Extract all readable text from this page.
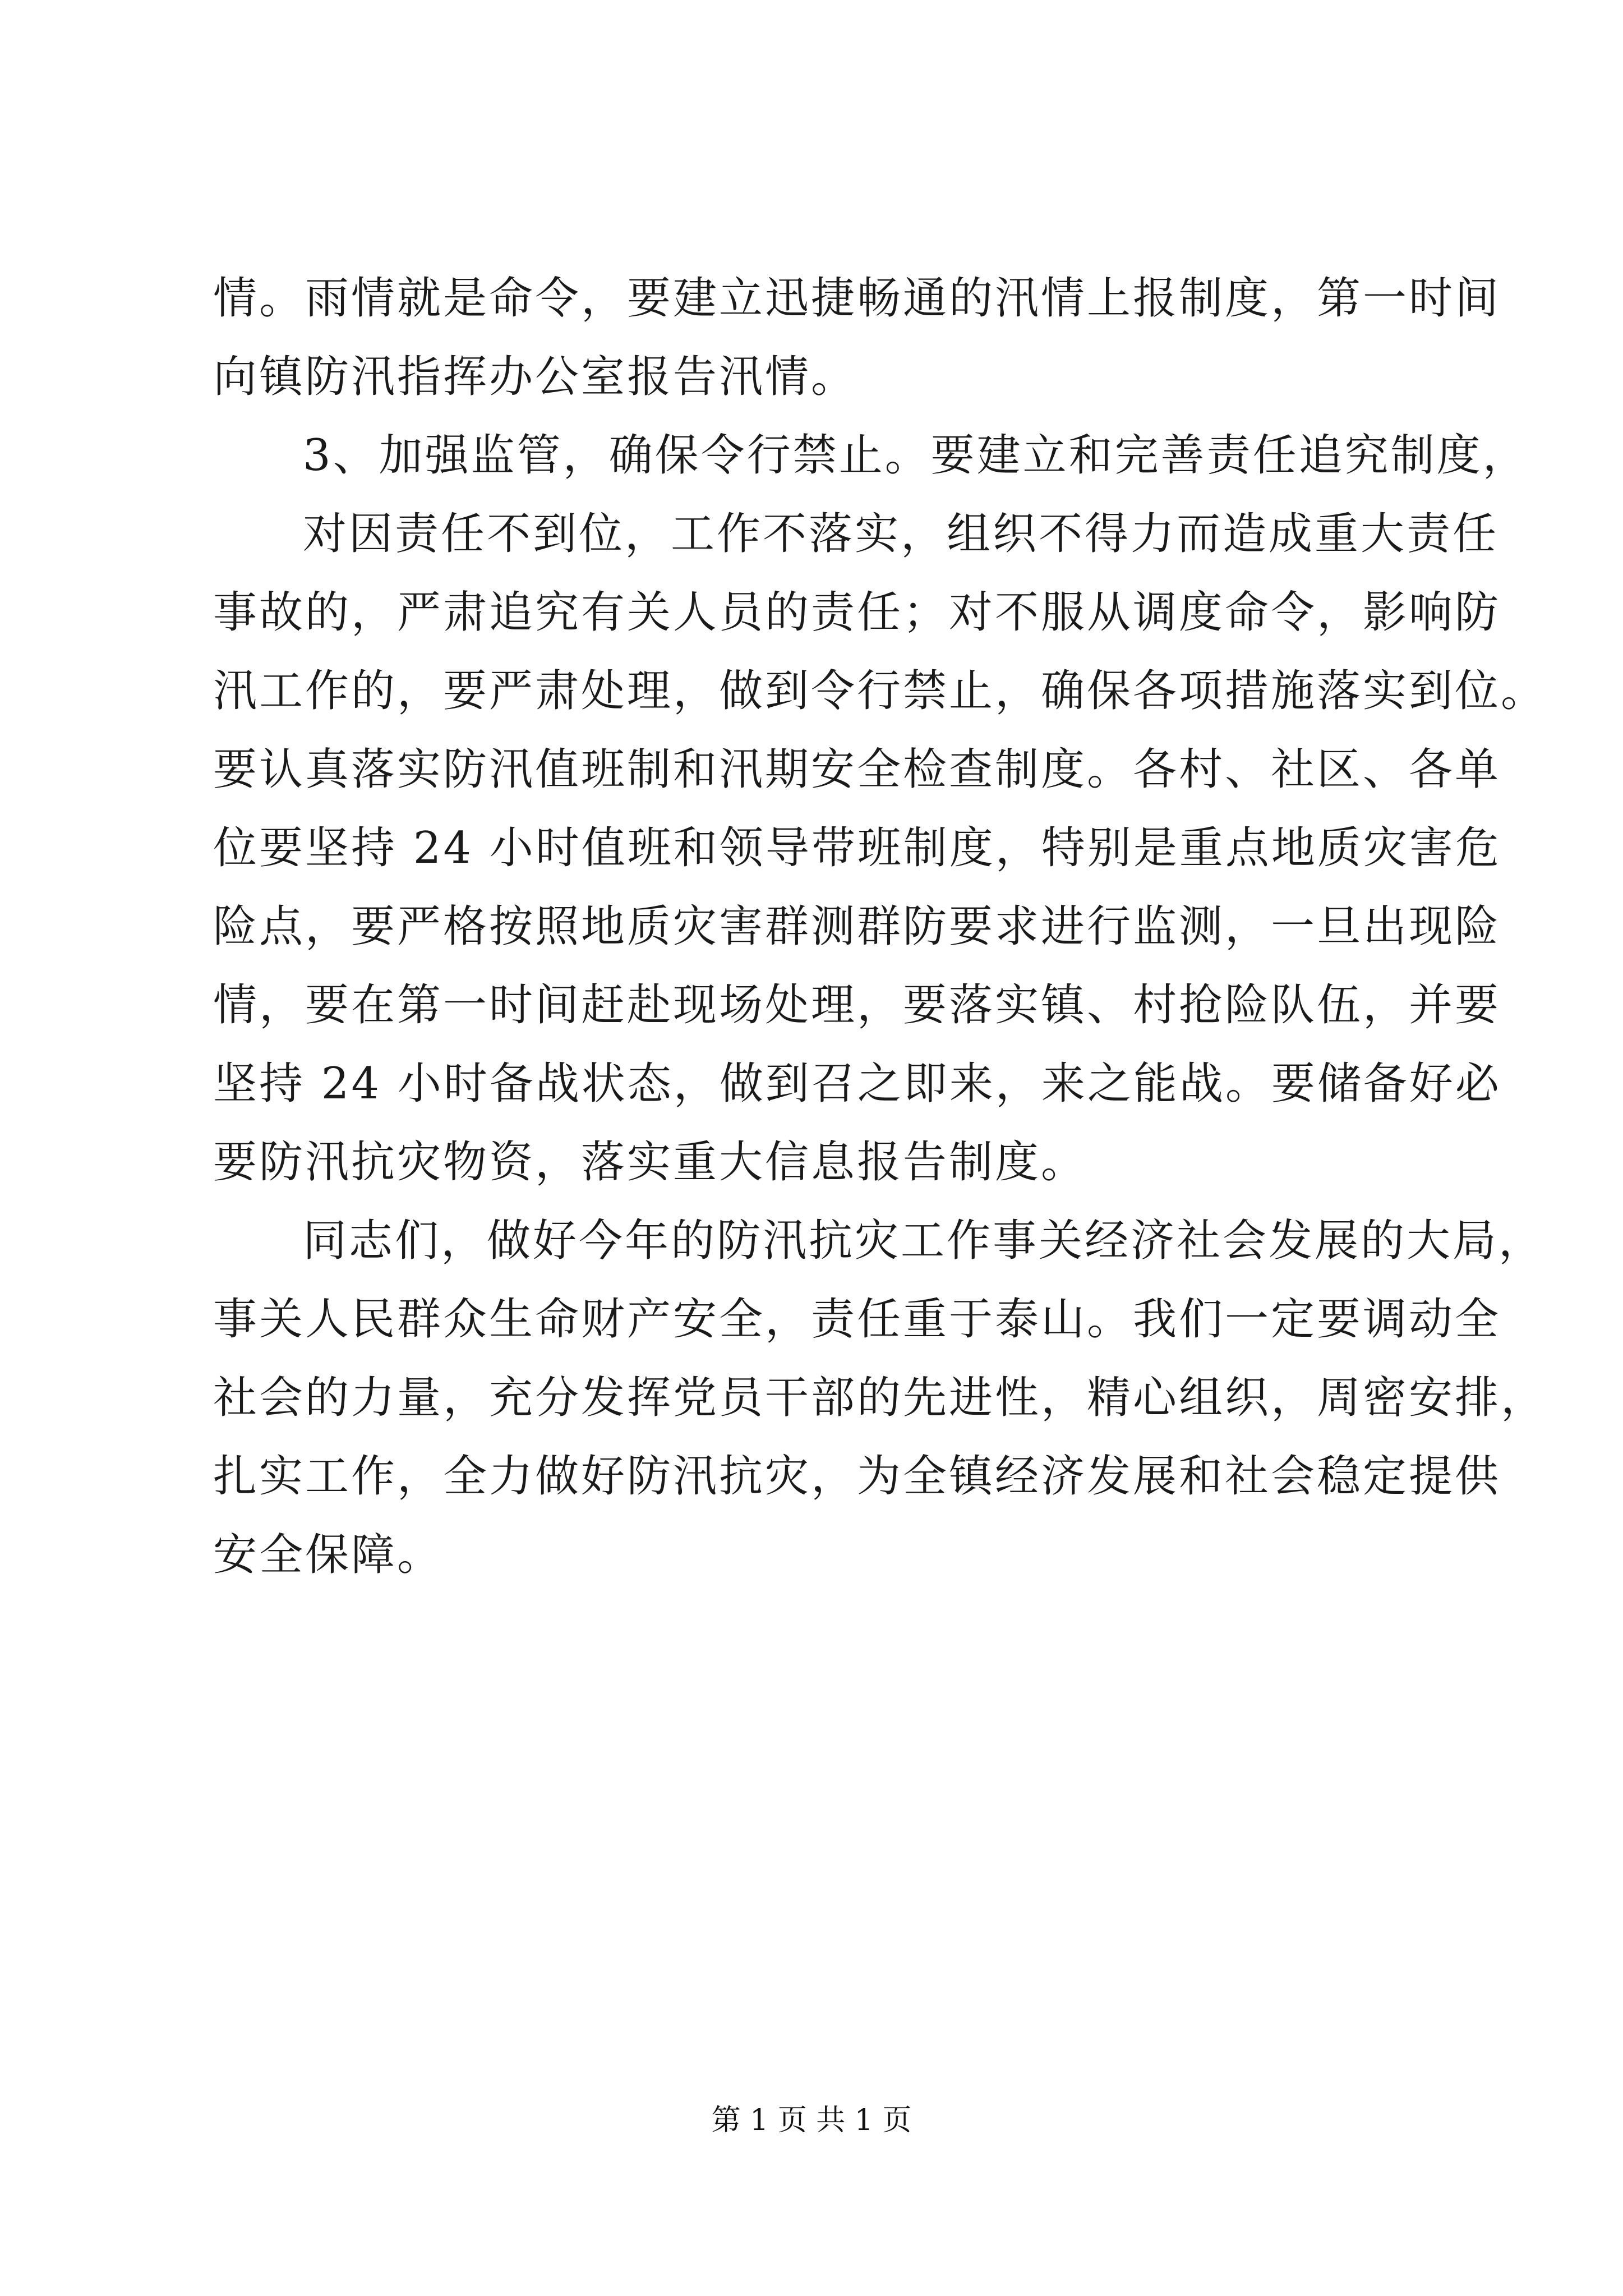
情。雨情就是命令，要建立迅捷畅通的汛情上报制度，第一时间
向镇防汛指挥办公室报告汛情。
3、加强监管，确保令行禁止。要建立和完善责任追究制度，
对因责任不到位，工作不落实，组织不得力而造成重大责任
事故的，严肃追究有关人员的责任；对不服从调度命令，影响防
汛工作的，要严肃处理，做到令行禁止，确保各项措施落实到位。
要认真落实防汛值班制和汛期安全检查制度。各村、社区、各单
位要坚持 24 小时值班和领导带班制度，特别是重点地质灾害危
险点，要严格按照地质灾害群测群防要求进行监测，一旦出现险
情，要在第一时间赶赴现场处理，要落实镇、村抢险队伍，并要
坚持 24 小时备战状态，做到召之即来，来之能战。要储备好必
要防汛抗灾物资，落实重大信息报告制度。
同志们，做好今年的防汛抗灾工作事关经济社会发展的大局，
事关人民群众生命财产安全，责任重于泰山。我们一定要调动全
社会的力量，充分发挥党员干部的先进性，精心组织，周密安排，
扎实工作，全力做好防汛抗灾，为全镇经济发展和社会稳定提供
安全保障。
第 1 页 共 1 页
